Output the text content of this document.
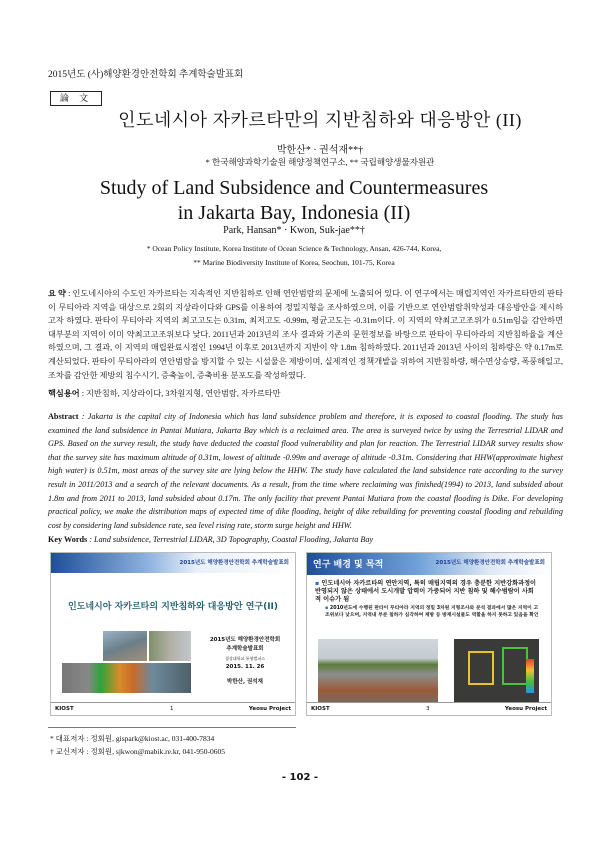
2015년도 (사)해양환경안전학회 추계학술발표회
論 文
인도네시아 자카르타만의 지반침하와 대응방안 (II)
박한산* · 권석재**†
* 한국해양과학기술원 해양정책연구소, ** 국립해양생물자원관
Study of Land Subsidence and Countermeasures
in Jakarta Bay, Indonesia (II)
Park, Hansan* · Kwon, Suk-jae**†
* Ocean Policy Institute, Korea Institute of Ocean Science & Technology, Ansan, 426-744, Korea,
** Marine Biodiversity Institute of Korea, Seochun, 101-75, Korea
요 약 : 인도네시아의 수도인 자카르타는 지속적인 지반침하로 인해 연안범람의 문제에 노출되어 있다. 이 연구에서는 매립지역인 자카르타만의 판타이 무티아라 지역을 대상으로 2회의 지상라이다와 GPS를 이용하여 정밀지형을 조사하였으며, 이를 기반으로 연안범람취약성과 대응방안을 제시하고자 하였다. 판타이 무티아라 지역의 최고고도는 0.31m, 최저고도 -0.99m, 평균고도는 -0.31m이다. 이 지역의 약최고고조위가 0.51m임을 감안하면 대부분의 지역이 이미 약최고고조위보다 낮다. 2011년과 2013년의 조사 결과와 기존의 문헌정보를 바탕으로 판타이 무티아라의 지반침하율을 계산하였으며, 그 결과, 이 지역의 매립완료시점인 1994년 이후로 2013년까지 지반이 약 1.8m 침하하였다. 2011년과 2013년 사이의 침하량은 약 0.17m로 계산되었다. 판타이 무티아라의 연안범람을 방지할 수 있는 시설물은 제방이며, 실제적인 정책개발을 위하여 지반침하량, 해수면상승량, 폭풍해일고, 조차를 감안한 제방의 침수시기, 증축높이, 증축비용 분포도를 작성하였다.
핵심용어 : 지반침하, 지상라이다, 3차원지형, 연안범람, 자카르타만
Abstract : Jakarta is the capital city of Indonesia which has land subsidence problem and therefore, it is exposed to coastal flooding. The study has examined the land subsidence in Pantai Mutiara, Jakarta Bay which is a reclaimed area. The area is surveyed twice by using the Terrestrial LIDAR and GPS. Based on the survey result, the study have deducted the coastal flood vulnerability and plan for reaction. The Terrestrial LIDAR survey results show that the survey site has maximum altitude of 0.31m, lowest of altitude -0.99m and average of altitude -0.31m. Considering that HHW(approximate highest high water) is 0.51m, most areas of the survey site are lying below the HHW. The study have calculated the land subsidence rate according to the survey result in 2011/2013 and a search of the relevant documents. As a result, from the time where reclaiming was finished(1994) to 2013, land subsided about 1.8m and from 2011 to 2013, land subsided about 0.17m. The only facility that prevent Pantai Mutiara from the coastal flooding is Dike. For developing practical policy, we make the distribution maps of expected time of dike flooding, height of dike rebuilding for preventing coastal flooding and rebuilding cost by considering land subsidence rate, sea level rising rate, storm surge height and HHW.
Key Words : Land subsidence, Terrestrial LIDAR, 3D Topography, Coastal Flooding, Jakarta Bay
2015년도 해양환경안전학회 추계학술발표회
인도네시아 자카르타의 지반침하와 대응방안 연구(II)
2015년도 해양환경안전학회
추계학술발표회
경상대학교 통영캠퍼스
2015. 11. 26
박한산, 권석재
KIOST	1	Yeosu Project
연구 배경 및 목적	2015년도 해양환경안전학회 추계학술발표회
▪ 인도네시아 자카르타의 연안지역, 특히 매립지역의 경우 충분한 지반강화과정이 반영되지 않은 상태에서 도시개발 압력이 가중되어 지반 침하 및 해수범람이 사회적 이슈가 됨
▪ 2010년도에 수행된 판타이 무티아라 지역의 정밀 3차원 지형조사와 분석 결과에서 많은 지역이 고조위보다 낮으며, 지역내 부분 침하가 심각하여 제방 등 방재시설물도 역할을 하지 못하고 있음을 확인
KIOST	3	Yeosu Project
* 대표저자 : 정회원, gispark@kiost.ac, 031-400-7834
† 교신저자 : 정회원, sjkwon@mabik.re.kr, 041-950-0605
- 102 -
